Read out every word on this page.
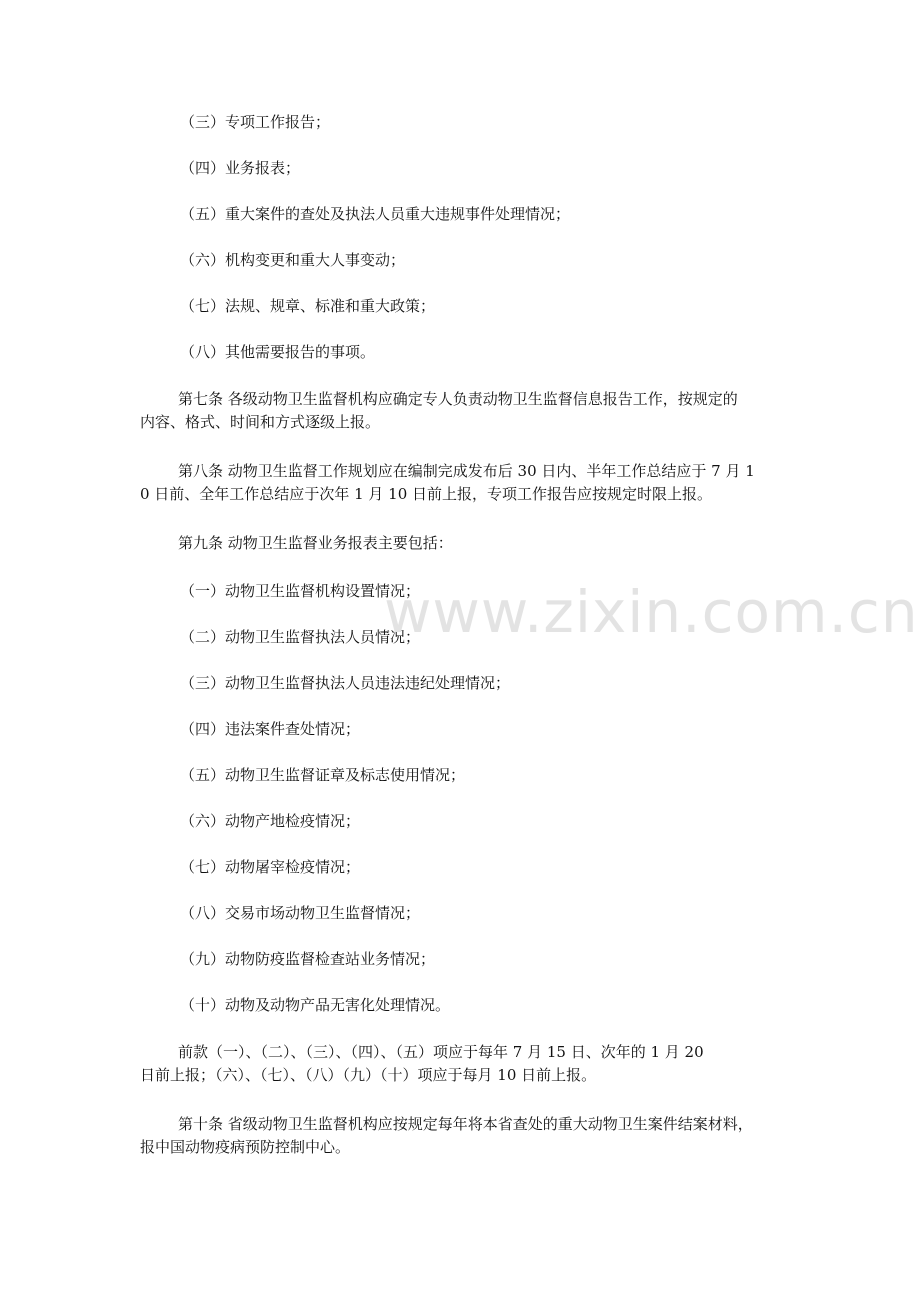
（三）专项工作报告；

（四）业务报表；

（五）重大案件的查处及执法人员重大违规事件处理情况；

（六）机构变更和重大人事变动；

（七）法规、规章、标准和重大政策；

（八）其他需要报告的事项。

第七条 各级动物卫生监督机构应确定专人负责动物卫生监督信息报告工作，按规定的
内容、格式、时间和方式逐级上报。

第八条 动物卫生监督工作规划应在编制完成发布后 30 日内、半年工作总结应于 7 月 1
0 日前、全年工作总结应于次年 1 月 10 日前上报，专项工作报告应按规定时限上报。

第九条 动物卫生监督业务报表主要包括：

（一）动物卫生监督机构设置情况；

（二）动物卫生监督执法人员情况；

（三）动物卫生监督执法人员违法违纪处理情况；

（四）违法案件查处情况；

（五）动物卫生监督证章及标志使用情况；

（六）动物产地检疫情况；

（七）动物屠宰检疫情况；

（八）交易市场动物卫生监督情况；

（九）动物防疫监督检查站业务情况；

（十）动物及动物产品无害化处理情况。

前款（一）、（二）、（三）、（四）、（五）项应于每年 7 月 15 日、次年的 1 月 20
日前上报；（六）、（七）、（八）（九）（十）项应于每月 10 日前上报。

第十条 省级动物卫生监督机构应按规定每年将本省查处的重大动物卫生案件结案材料，
报中国动物疫病预防控制中心。

www.zixin.com.cn
